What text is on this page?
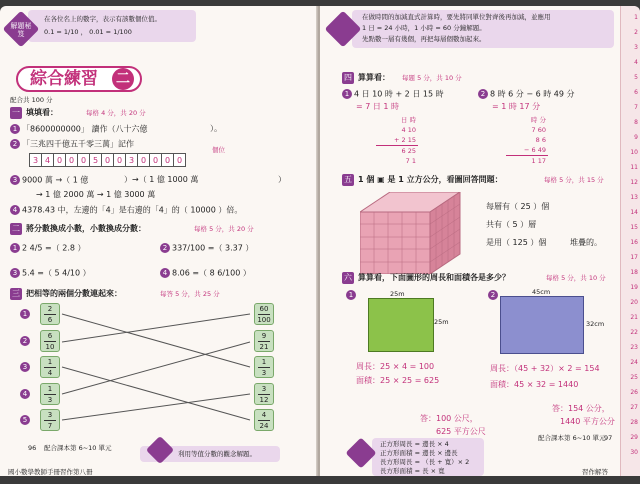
解題秘笈
在各位名上的數字，表示有該數個位值。
0.1 = 1/10 ， 0.01 = 1/100
綜合練習 二
配合共 100 分
一 填填看：	每格 4 分，共 20 分
1 「8600000000」 讀作（八十六億	）。
2 「三兆四千億五千零三萬」記作
3 4 0 0 0 5 0 0 3 0 0 0 0
個位
3 9000 萬 →（ 1 億	）→（ 1 億 1000 萬	）
→ 1 億 2000 萬 → 1 億 3000 萬
4 4378.43 中，左邊的「4」是右邊的「4」的（ 10000 ）倍。
二 將分數換成小數，小數換成分數：	每格 5 分，共 20 分
1 2 4/5 =（ 2.8 ）	2 337/100 =（ 3.37 ）
3 5.4 =（ 5 4/10 ）	4 8.06 =（ 8 6/100 ）
三 把相等的兩個分數連起來：	每答 5 分，共 25 分
$\frac{2}{6}$
1
$\frac{6}{10}$
2
$\frac{1}{4}$
3
$\frac{1}{3}$
4
$\frac{3}{7}$
5
$\frac{60}{100}$
$\frac{9}{21}$
$\frac{1}{3}$
$\frac{3}{12}$
$\frac{4}{24}$
96 配合課本第 6~10 單元
利用等值分數的觀念解題。
國小數學教師手冊習作第八冊
在做時間的加減直式計算時，要先將同單位對齊後再加減，並應用
1 日 = 24 小時，1 小時 = 60 分鐘解題。
先點數一層有幾個，再把每層個數加起來。
四 算算看： 每題 5 分，共 10 分
1 4 日 10 時 + 2 日 15 時
= 7 日 1 時
日 時
4 10
+ 2 15
6 25
7 1
2 8 時 6 分 − 6 時 49 分
= 1 時 17 分
時 分
7 60
8 6
− 6 49
1 17
五 1 個 ▣ 是 1 立方公分，看圖回答問題：	每格 5 分，共 15 分
每層有（ 25 ）個
共有（ 5 ）層
是用（ 125 ）個	堆疊的。
六 算算看，下面圖形的周長和面積各是多少？	每格 5 分，共 10 分
1	25m
25m
周長：25 × 4 = 100
面積：25 × 25 = 625
答：100 公尺，
625 平方公尺
2	45cm
32cm
周長：（45 + 32）× 2 = 154
面積：45 × 32 = 1440
答：154 公分，
1440 平方公分
配合課本第 6~10 單元
97
正方形周長 = 邊長 × 4
正方形面積 = 邊長 × 邊長
長方形周長 = （長 + 寬）× 2
長方形面積 = 長 × 寬	習作解答
1
2
3
4
5
6
7
8
9
10
11
12
13
14
15
16
17
18
19
20
21
22
23
24
25
26
27
28
29
30
